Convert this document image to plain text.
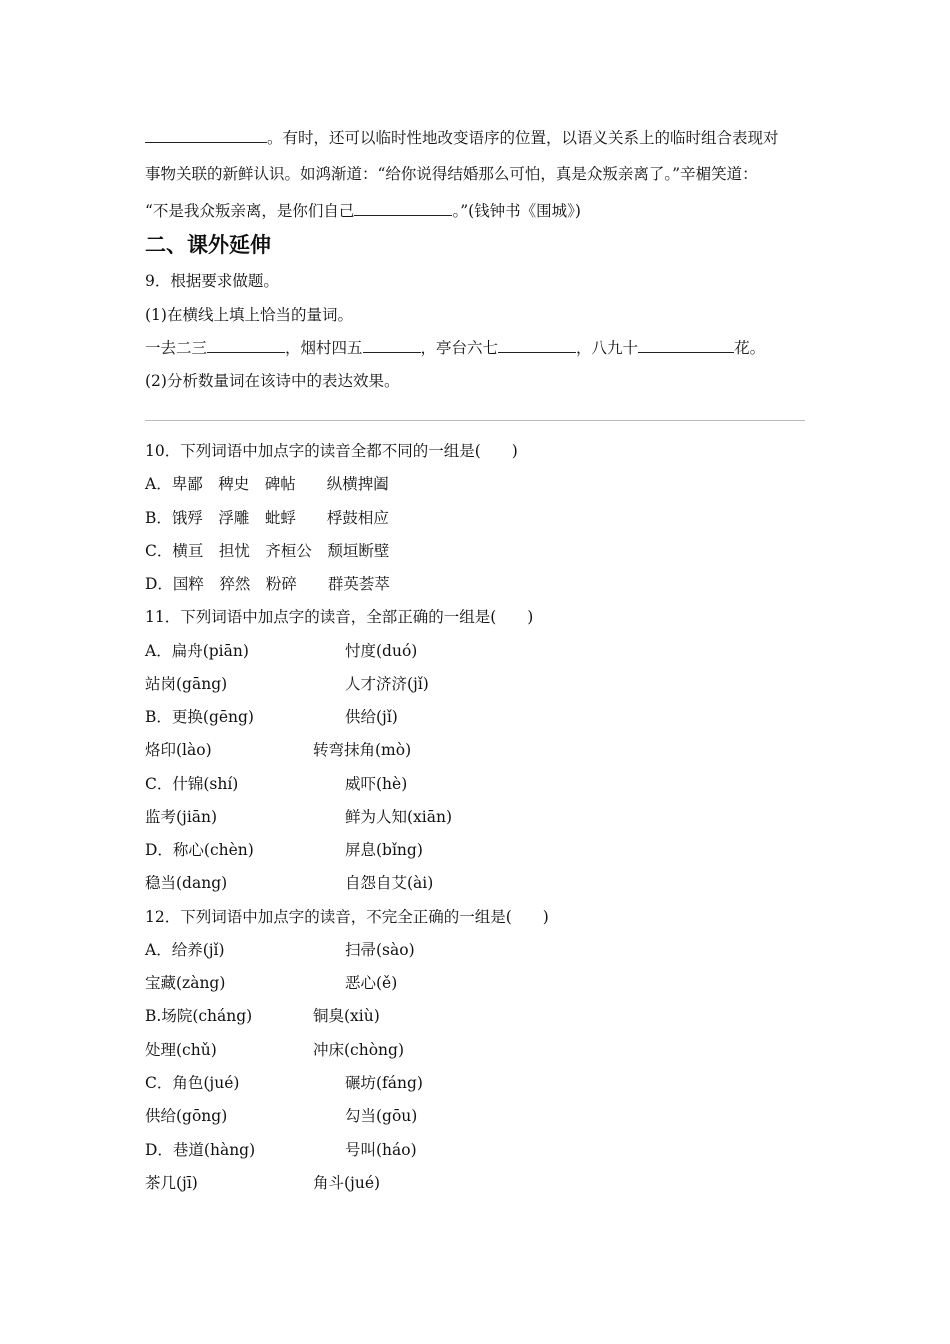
。有时，还可以临时性地改变语序的位置，以语义关系上的临时组合表现对
事物关联的新鲜认识。如鸿渐道：“给你说得结婚那么可怕，真是众叛亲离了。”辛楣笑道：
“不是我众叛亲离，是你们自己	。”(钱钟书《围城》)
二、课外延伸
9．根据要求做题。
(1)在横线上填上恰当的量词。
一去二三	，烟村四五	，亭台六七	，八九十	花。
(2)分析数量词在该诗中的表达效果。
10．下列词语中加点字的读音全都不同的一组是(　　)
A．卑鄙　稗史　碑帖　　纵横捭阖
B．饿殍　浮雕　蚍蜉　　桴鼓相应
C．横亘　担忧　齐桓公　颓垣断壁
D．国粹　猝然　粉碎　　群英荟萃
11．下列词语中加点字的读音，全部正确的一组是(　　)
A．扁舟(piān)	忖度(duó)
站岗(gāng)	人才济济(jǐ)
B．更换(gēng)	供给(jǐ)
烙印(lào)	转弯抹角(mò)
C．什锦(shí)	威吓(hè)
监考(jiān)	鲜为人知(xiān)
D．称心(chèn)	屏息(bǐng)
稳当(dang)	自怨自艾(ài)
12．下列词语中加点字的读音，不完全正确的一组是(　　)
A．给养(jǐ)	扫帚(sào)
宝藏(zàng)	恶心(ě)
B.场院(cháng)	铜臭(xiù)
处理(chǔ)	冲床(chòng)
C．角色(jué)	碾坊(fáng)
供给(gōng)	勾当(gōu)
D．巷道(hàng)	号叫(háo)
茶几(jī)	角斗(jué)
